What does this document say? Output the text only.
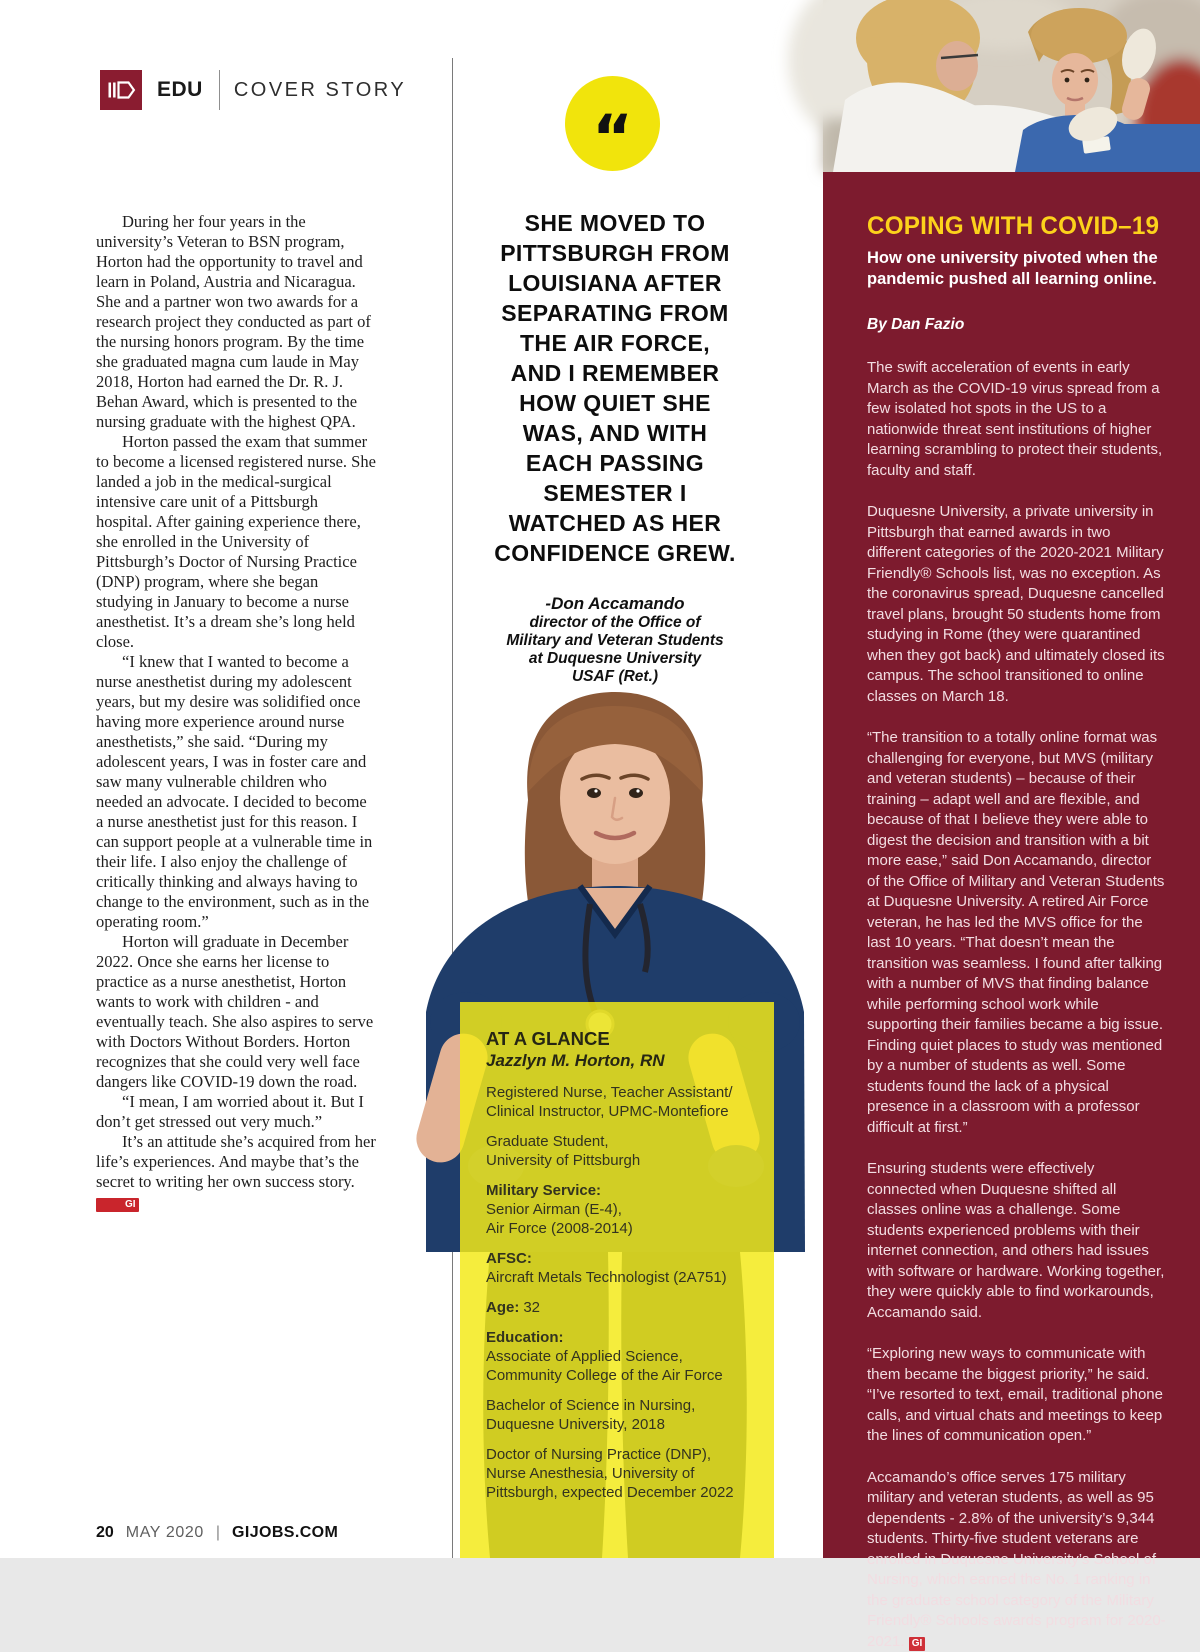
EDU COVER STORY

During her four years in the university’s Veteran to BSN program, Horton had the opportunity to travel and learn in Poland, Austria and Nicaragua. She and a partner won two awards for a research project they conducted as part of the nursing honors program. By the time she graduated magna cum laude in May 2018, Horton had earned the Dr. R. J. Behan Award, which is presented to the nursing graduate with the highest QPA.

Horton passed the exam that summer to become a licensed registered nurse. She landed a job in the medical-surgical intensive care unit of a Pittsburgh hospital. After gaining experience there, she enrolled in the University of Pittsburgh’s Doctor of Nursing Practice (DNP) program, where she began studying in January to become a nurse anesthetist. It’s a dream she’s long held close.

“I knew that I wanted to become a nurse anesthetist during my adolescent years, but my desire was solidified once having more experience around nurse anesthetists,” she said. “During my adolescent years, I was in foster care and saw many vulnerable children who needed an advocate. I decided to become a nurse anesthetist just for this reason. I can support people at a vulnerable time in their life. I also enjoy the challenge of critically thinking and always having to change to the environment, such as in the operating room.”

Horton will graduate in December 2022. Once she earns her license to practice as a nurse anesthetist, Horton wants to work with children - and eventually teach. She also aspires to serve with Doctors Without Borders. Horton recognizes that she could very well face dangers like COVID-19 down the road.

“I mean, I am worried about it. But I don’t get stressed out very much.”

It’s an attitude she’s acquired from her life’s experiences. And maybe that’s the secret to writing her own success story. GI

“
SHE MOVED TO
PITTSBURGH FROM
LOUISIANA AFTER
SEPARATING FROM
THE AIR FORCE,
AND I REMEMBER
HOW QUIET SHE
WAS, AND WITH
EACH PASSING
SEMESTER I
WATCHED AS HER
CONFIDENCE GREW.
-Don Accamando
director of the Office of
Military and Veteran Students
at Duquesne University
USAF (Ret.)
AT A GLANCE
Jazzlyn M. Horton, RN
Registered Nurse, Teacher Assistant/
Clinical Instructor, UPMC-Montefiore
Graduate Student,
University of Pittsburgh
Military Service:
Senior Airman (E-4),
Air Force (2008-2014)
AFSC:
Aircraft Metals Technologist (2A751)
Age: 32
Education:
Associate of Applied Science,
Community College of the Air Force
Bachelor of Science in Nursing,
Duquesne University, 2018
Doctor of Nursing Practice (DNP),
Nurse Anesthesia, University of
Pittsburgh, expected December 2022
COPING WITH COVID–19
How one university pivoted when the pandemic pushed all learning online.
By Dan Fazio

The swift acceleration of events in early March as the COVID-19 virus spread from a few isolated hot spots in the US to a nationwide threat sent institutions of higher learning scrambling to protect their students, faculty and staff.

Duquesne University, a private university in Pittsburgh that earned awards in two different categories of the 2020-2021 Military Friendly® Schools list, was no exception. As the coronavirus spread, Duquesne cancelled travel plans, brought 50 students home from studying in Rome (they were quarantined when they got back) and ultimately closed its campus. The school transitioned to online classes on March 18.

“The transition to a totally online format was challenging for everyone, but MVS (military and veteran students) – because of their training – adapt well and are flexible, and because of that I believe they were able to digest the decision and transition with a bit more ease,” said Don Accamando, director of the Office of Military and Veteran Students at Duquesne University. A retired Air Force veteran, he has led the MVS office for the last 10 years. “That doesn’t mean the transition was seamless. I found after talking with a number of MVS that finding balance while performing school work while supporting their families became a big issue. Finding quiet places to study was mentioned by a number of students as well. Some students found the lack of a physical presence in a classroom with a professor difficult at first.”

Ensuring students were effectively connected when Duquesne shifted all classes online was a challenge. Some students experienced problems with their internet connection, and others had issues with software or hardware. Working together, they were quickly able to find workarounds, Accamando said.

“Exploring new ways to communicate with them became the biggest priority,” he said. “I’ve resorted to text, email, traditional phone calls, and virtual chats and meetings to keep the lines of communication open.”

Accamando’s office serves 175 military military and veteran students, as well as 95 dependents - 2.8% of the university’s 9,344 students. Thirty-five student veterans are enrolled in Duquesne University’s School of Nursing, which earned the No. 1 ranking in the graduate school category of the Military Friendly® Schools awards program for 2020-2021. GI

20 MAY 2020 | GIJOBS.COM
